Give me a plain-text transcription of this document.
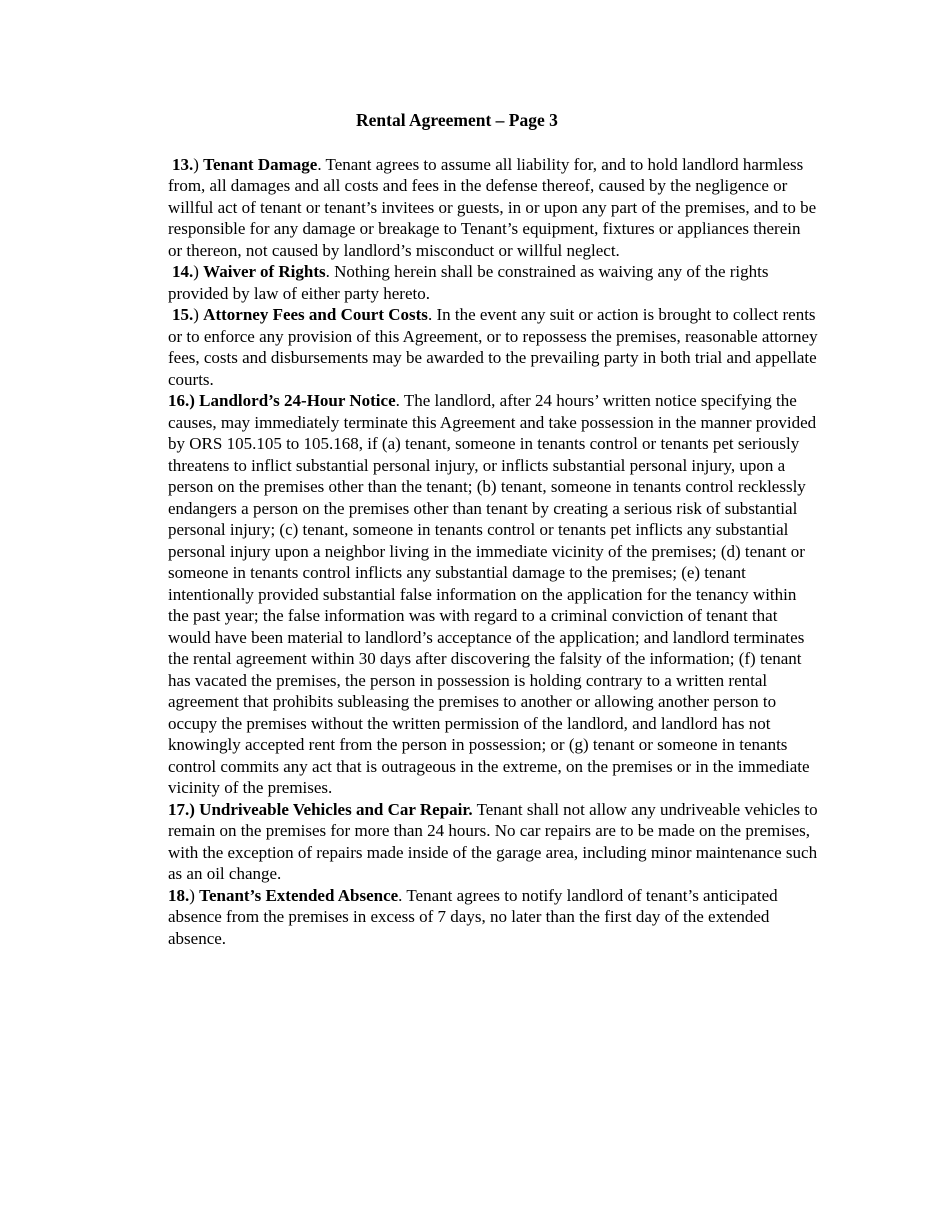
Rental Agreement – Page 3

13.) Tenant Damage. Tenant agrees to assume all liability for, and to hold landlord harmless from, all damages and all costs and fees in the defense thereof, caused by the negligence or willful act of tenant or tenant’s invitees or guests, in or upon any part of the premises, and to be responsible for any damage or breakage to Tenant’s equipment, fixtures or appliances therein or thereon, not caused by landlord’s misconduct or willful neglect.

14.) Waiver of Rights. Nothing herein shall be constrained as waiving any of the rights provided by law of either party hereto.

15.) Attorney Fees and Court Costs. In the event any suit or action is brought to collect rents or to enforce any provision of this Agreement, or to repossess the premises, reasonable attorney fees, costs and disbursements may be awarded to the prevailing party in both trial and appellate courts.

16.) Landlord’s 24-Hour Notice. The landlord, after 24 hours’ written notice specifying the causes, may immediately terminate this Agreement and take possession in the manner provided by ORS 105.105 to 105.168, if (a) tenant, someone in tenants control or tenants pet seriously threatens to inflict substantial personal injury, or inflicts substantial personal injury, upon a person on the premises other than the tenant; (b) tenant, someone in tenants control recklessly endangers a person on the premises other than tenant by creating a serious risk of substantial personal injury; (c) tenant, someone in tenants control or tenants pet inflicts any substantial personal injury upon a neighbor living in the immediate vicinity of the premises; (d) tenant or someone in tenants control inflicts any substantial damage to the premises; (e) tenant intentionally provided substantial false information on the application for the tenancy within the past year; the false information was with regard to a criminal conviction of tenant that would have been material to landlord’s acceptance of the application; and landlord terminates the rental agreement within 30 days after discovering the falsity of the information; (f) tenant has vacated the premises, the person in possession is holding contrary to a written rental agreement that prohibits subleasing the premises to another or allowing another person to occupy the premises without the written permission of the landlord, and landlord has not knowingly accepted rent from the person in possession; or (g) tenant or someone in tenants control commits any act that is outrageous in the extreme, on the premises or in the immediate vicinity of the premises.

17.) Undriveable Vehicles and Car Repair. Tenant shall not allow any undriveable vehicles to remain on the premises for more than 24 hours. No car repairs are to be made on the premises, with the exception of repairs made inside of the garage area, including minor maintenance such as an oil change.

18.) Tenant’s Extended Absence. Tenant agrees to notify landlord of tenant’s anticipated absence from the premises in excess of 7 days, no later than the first day of the extended absence.
